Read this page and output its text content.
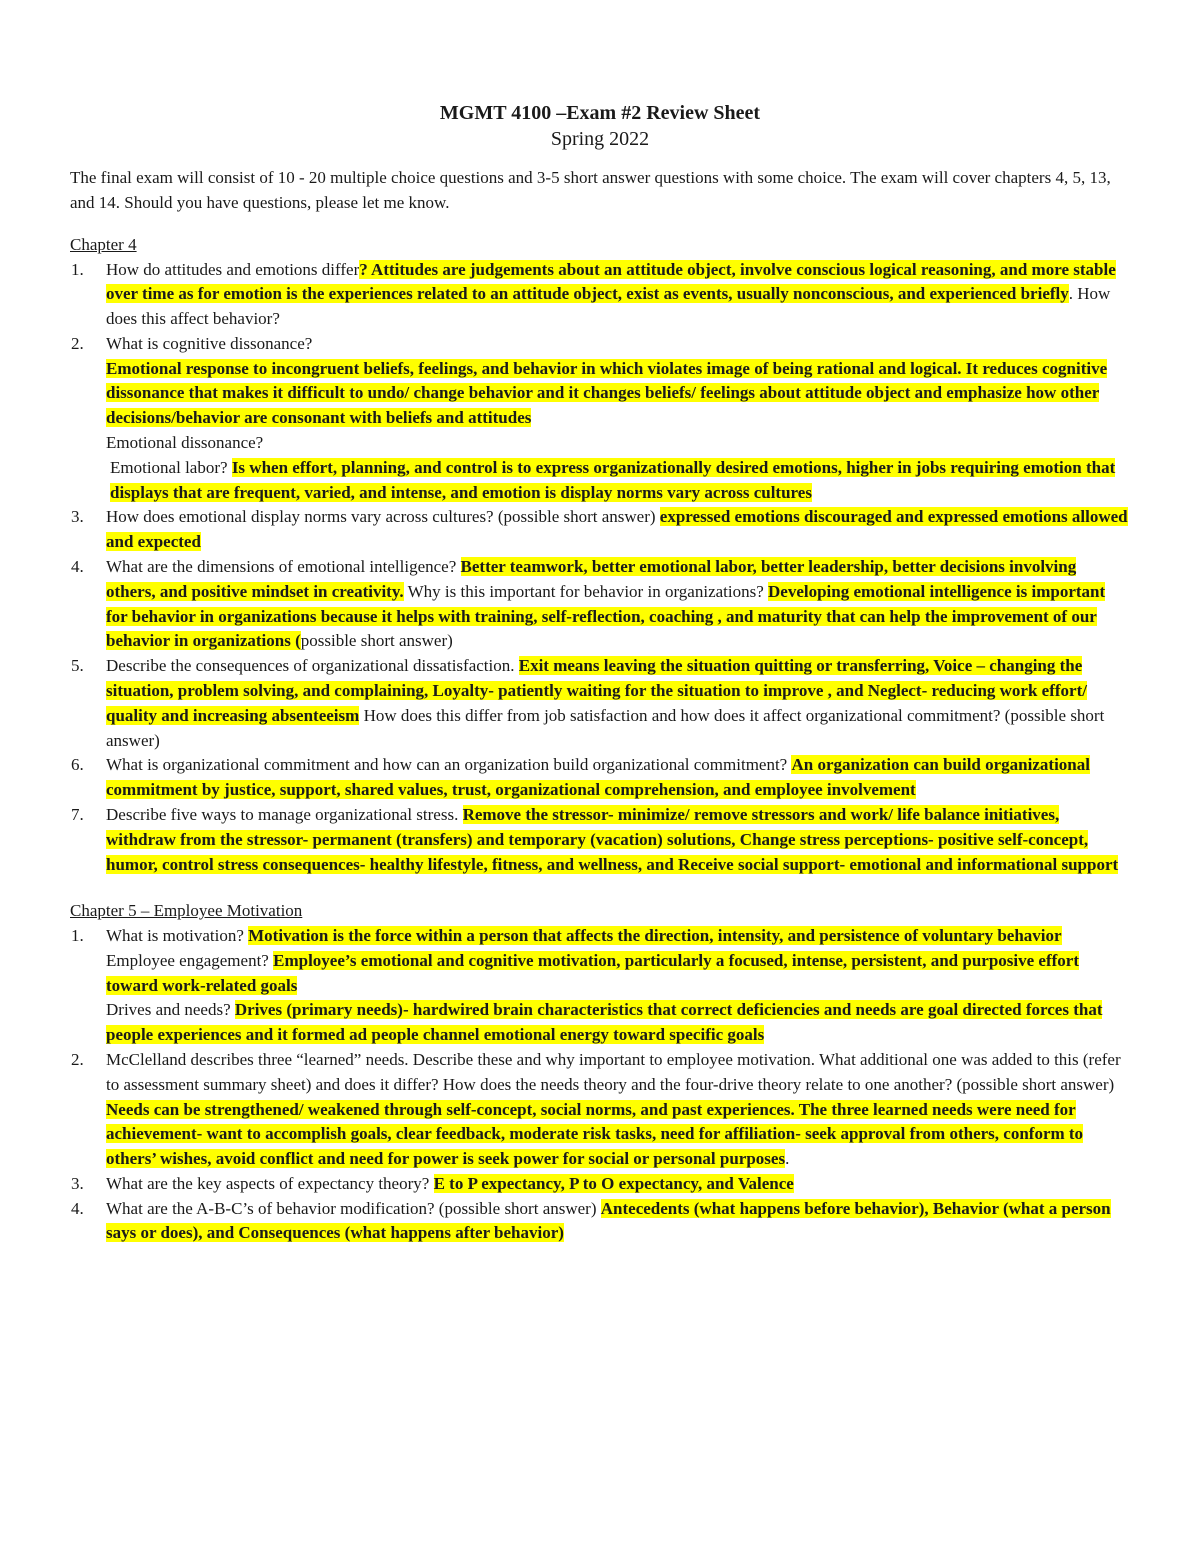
MGMT 4100 –Exam #2 Review Sheet

Spring 2022

The final exam will consist of 10 - 20 multiple choice questions and 3-5 short answer questions with some choice. The exam will cover chapters 4, 5, 13, and 14. Should you have questions, please let me know.

Chapter 4

1. How do attitudes and emotions differ? Attitudes are judgements about an attitude object, involve conscious logical reasoning, and more stable over time as for emotion is the experiences related to an attitude object, exist as events, usually nonconscious, and experienced briefly. How does this affect behavior?
2. What is cognitive dissonance?
Emotional response to incongruent beliefs, feelings, and behavior in which violates image of being rational and logical. It reduces cognitive dissonance that makes it difficult to undo/ change behavior and it changes beliefs/ feelings about attitude object and emphasize how other decisions/behavior are consonant with beliefs and attitudes
Emotional dissonance?
Emotional labor? Is when effort, planning, and control is to express organizationally desired emotions, higher in jobs requiring emotion that displays that are frequent, varied, and intense, and emotion is display norms vary across cultures
3. How does emotional display norms vary across cultures? (possible short answer) expressed emotions discouraged and expressed emotions allowed and expected
4. What are the dimensions of emotional intelligence? Better teamwork, better emotional labor, better leadership, better decisions involving others, and positive mindset in creativity. Why is this important for behavior in organizations? Developing emotional intelligence is important for behavior in organizations because it helps with training, self-reflection, coaching , and maturity that can help the improvement of our behavior in organizations (possible short answer)
5. Describe the consequences of organizational dissatisfaction. Exit means leaving the situation quitting or transferring, Voice – changing the situation, problem solving, and complaining, Loyalty- patiently waiting for the situation to improve , and Neglect- reducing work effort/ quality and increasing absenteeism How does this differ from job satisfaction and how does it affect organizational commitment? (possible short answer)
6. What is organizational commitment and how can an organization build organizational commitment? An organization can build organizational commitment by justice, support, shared values, trust, organizational comprehension, and employee involvement
7. Describe five ways to manage organizational stress. Remove the stressor- minimize/ remove stressors and work/ life balance initiatives, withdraw from the stressor- permanent (transfers) and temporary (vacation) solutions, Change stress perceptions- positive self-concept, humor, control stress consequences- healthy lifestyle, fitness, and wellness, and Receive social support- emotional and informational support

Chapter 5 – Employee Motivation

1. What is motivation? Motivation is the force within a person that affects the direction, intensity, and persistence of voluntary behavior
Employee engagement? Employee’s emotional and cognitive motivation, particularly a focused, intense, persistent, and purposive effort toward work-related goals
Drives and needs? Drives (primary needs)- hardwired brain characteristics that correct deficiencies and needs are goal directed forces that people experiences and it formed ad people channel emotional energy toward specific goals
2. McClelland describes three “learned” needs. Describe these and why important to employee motivation. What additional one was added to this (refer to assessment summary sheet) and does it differ? How does the needs theory and the four-drive theory relate to one another? (possible short answer) Needs can be strengthened/ weakened through self-concept, social norms, and past experiences. The three learned needs were need for achievement- want to accomplish goals, clear feedback, moderate risk tasks, need for affiliation- seek approval from others, conform to others’ wishes, avoid conflict and need for power is seek power for social or personal purposes.
3. What are the key aspects of expectancy theory? E to P expectancy, P to O expectancy, and Valence
4. What are the A-B-C’s of behavior modification? (possible short answer) Antecedents (what happens before behavior), Behavior (what a person says or does), and Consequences (what happens after behavior)
